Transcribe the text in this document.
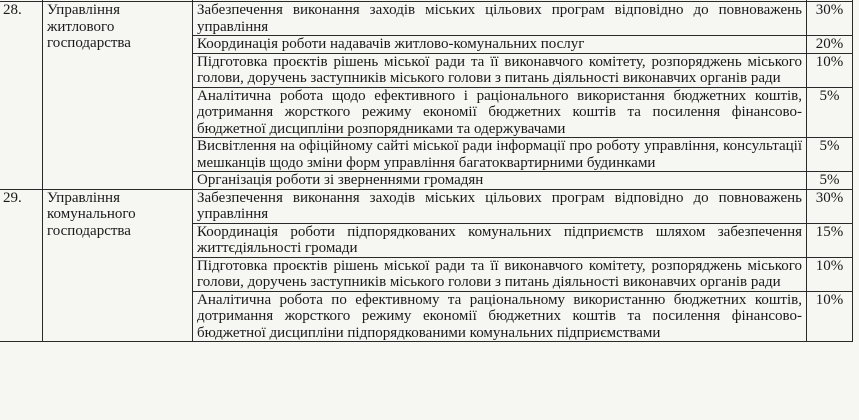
28.	Управління житлового господарства	Забезпечення виконання заходів міських цільових програм відповідно до повноважень управління	30%
		Координація роботи надавачів житлово-комунальних послуг	20%
		Підготовка проєктів рішень міської ради та її виконавчого комітету, розпоряджень міського голови, доручень заступників міського голови з питань діяльності виконавчих органів ради	10%
		Аналітична робота щодо ефективного і раціонального використання бюджетних коштів, дотримання жорсткого режиму економії бюджетних коштів та посилення фінансово-бюджетної дисципліни розпорядниками та одержувачами	5%
		Висвітлення на офіційному сайті міської ради інформації про роботу управління, консультації мешканців щодо зміни форм управління багатоквартирними будинками	5%
		Організація роботи зі зверненнями громадян	5%
29.	Управління комунального господарства	Забезпечення виконання заходів міських цільових програм відповідно до повноважень управління	30%
		Координація роботи підпорядкованих комунальних підприємств шляхом забезпечення життєдіяльності громади	15%
		Підготовка проєктів рішень міської ради та її виконавчого комітету, розпоряджень міського голови, доручень заступників міського голови з питань діяльності виконавчих органів ради	10%
		Аналітична робота по ефективному та раціональному використанню бюджетних коштів, дотримання жорсткого режиму економії бюджетних коштів та посилення фінансово-бюджетної дисципліни підпорядкованими комунальних підприємствами	10%
